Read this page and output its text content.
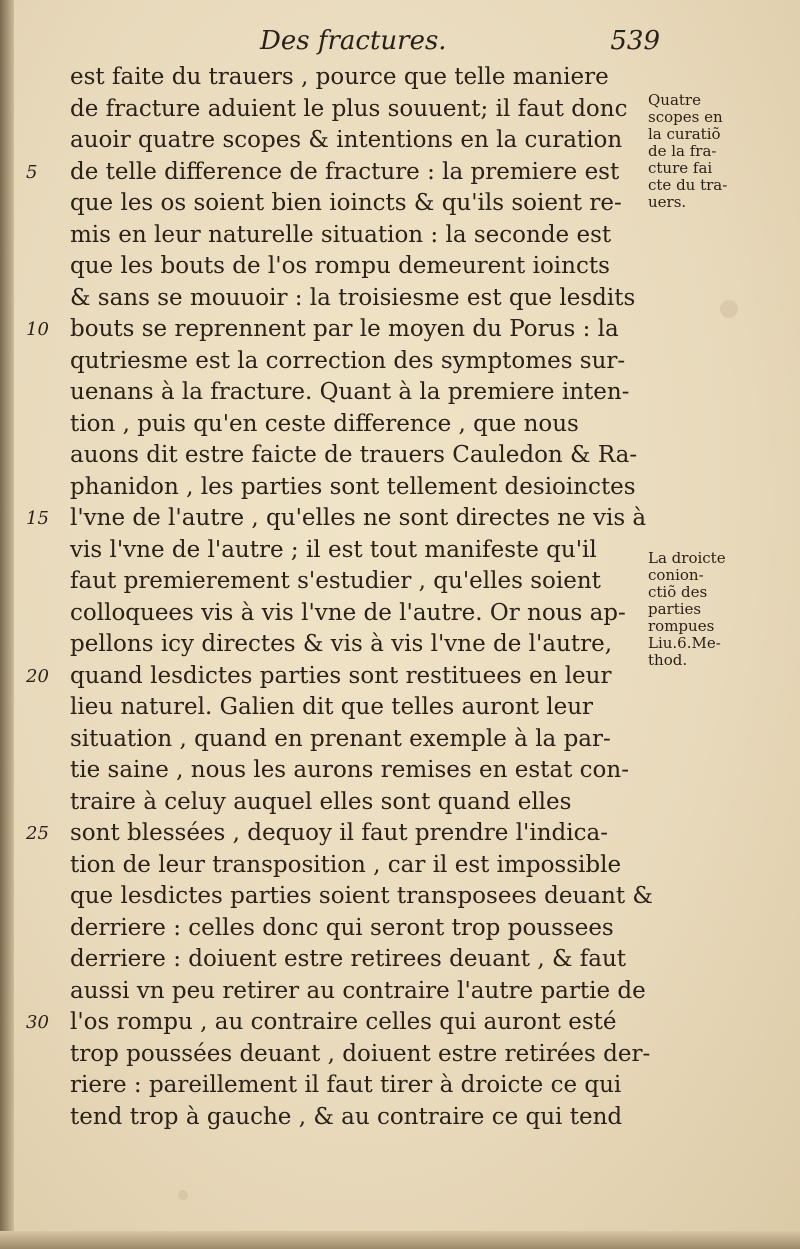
Des fractures.	539
est faite du trauers , pource que telle maniere
de fracture aduient le plus souuent; il faut donc
auoir quatre scopes & intentions en la curation
5	de telle difference de fracture : la premiere est
que les os soient bien ioincts & qu'ils soient re-
mis en leur naturelle situation : la seconde est
que les bouts de l'os rompu demeurent ioincts
& sans se mouuoir : la troisiesme est que lesdits
10 bouts se reprennent par le moyen du Porus : la
qutriesme est la correction des symptomes sur-
uenans à la fracture. Quant à la premiere inten-
tion , puis qu'en ceste difference , que nous
auons dit estre faicte de trauers Cauledon & Ra-
phanidon , les parties sont tellement desioinctes
15 l'vne de l'autre , qu'elles ne sont directes ne vis à
vis l'vne de l'autre ; il est tout manifeste qu'il
faut premierement s'estudier , qu'elles soient
colloquees vis à vis l'vne de l'autre. Or nous ap-
pellons icy directes & vis à vis l'vne de l'autre,
20 quand lesdictes parties sont restituees en leur
lieu naturel. Galien dit que telles auront leur
situation , quand en prenant exemple à la par-
tie saine , nous les aurons remises en estat con-
traire à celuy auquel elles sont quand elles
25 sont blessées , dequoy il faut prendre l'indica-
tion de leur transposition , car il est impossible
que lesdictes parties soient transposees deuant &
derriere : celles donc qui seront trop poussees
derriere : doiuent estre retirees deuant , & faut
aussi vn peu retirer au contraire l'autre partie de
30 l'os rompu , au contraire celles qui auront esté
trop poussées deuant , doiuent estre retirées der-
riere : pareillement il faut tirer à droicte ce qui
tend trop à gauche , & au contraire ce qui tend
Quatre
scopes en
la curatiõ
de la fra-
cture fai
cte du tra-
uers.
La droicte
conion-
ctiõ des
parties
rompues
Liu.6.Me-
thod.
